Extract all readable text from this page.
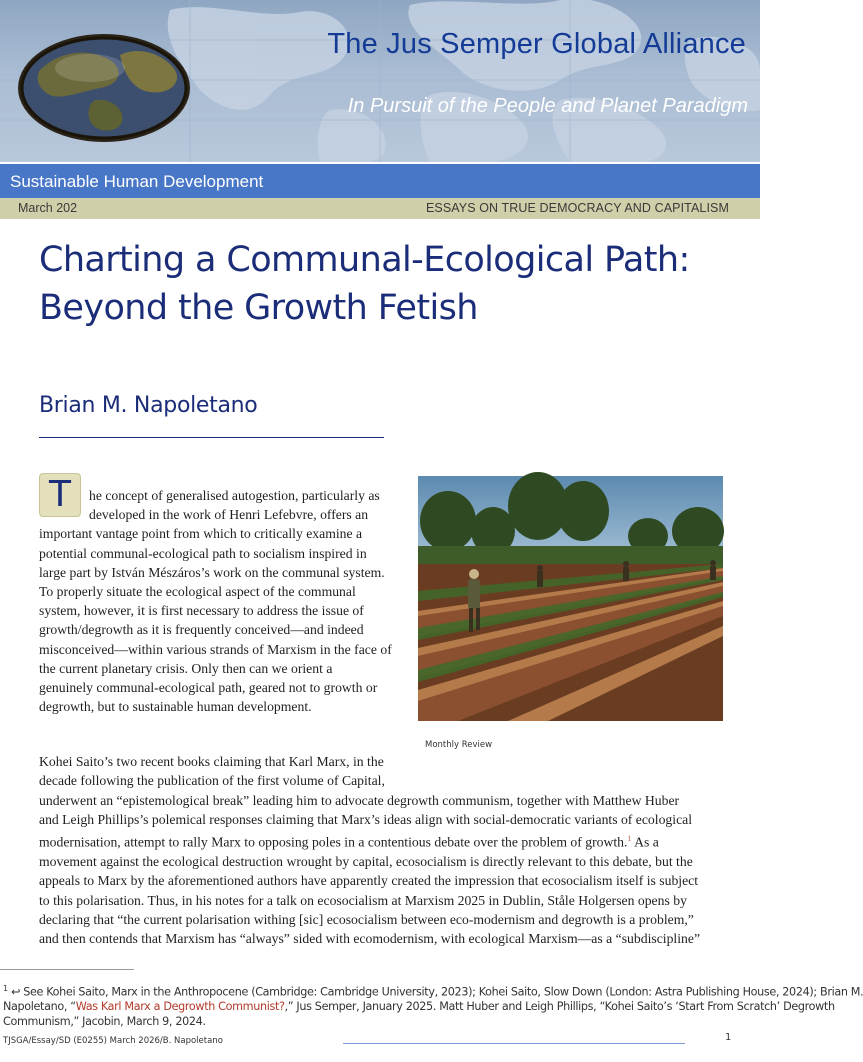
The Jus Semper Global Alliance
In Pursuit of the People and Planet Paradigm
Sustainable Human Development
March 202	ESSAYS ON TRUE DEMOCRACY AND CAPITALISM
Charting a Communal-Ecological Path:
Beyond the Growth Fetish
Brian M. Napoletano
T	he concept of generalised autogestion, particularly as
developed in the work of Henri Lefebvre, offers an
important vantage point from which to critically examine a
potential communal-ecological path to socialism inspired in
large part by István Mészáros’s work on the communal system.
To properly situate the ecological aspect of the communal
system, however, it is first necessary to address the issue of
growth/degrowth as it is frequently conceived—and indeed
misconceived—within various strands of Marxism in the face of
the current planetary crisis. Only then can we orient a
genuinely communal-ecological path, geared not to growth or
degrowth, but to sustainable human development.
Monthly Review
Kohei Saito’s two recent books claiming that Karl Marx, in the
decade following the publication of the first volume of Capital,
underwent an “epistemological break” leading him to advocate degrowth communism, together with Matthew Huber
and Leigh Phillips’s polemical responses claiming that Marx’s ideas align with social-democratic variants of ecological
modernisation, attempt to rally Marx to opposing poles in a contentious debate over the problem of growth.$^1$ As a
movement against the ecological destruction wrought by capital, ecosocialism is directly relevant to this debate, but the
appeals to Marx by the aforementioned authors have apparently created the impression that ecosocialism itself is subject
to this polarisation. Thus, in his notes for a talk on ecosocialism at Marxism 2025 in Dublin, Ståle Holgersen opens by
declaring that “the current polarisation withing [sic] ecosocialism between eco-modernism and degrowth is a problem,”
and then contends that Marxism has “always” sided with ecomodernism, with ecological Marxism—as a “subdiscipline”
$^1$ ↩ See Kohei Saito, Marx in the Anthropocene (Cambridge: Cambridge University, 2023); Kohei Saito, Slow Down (London: Astra Publishing House, 2024); Brian M.
Napoletano, “Was Karl Marx a Degrowth Communist?,” Jus Semper, January 2025. Matt Huber and Leigh Phillips, “Kohei Saito’s ‘Start From Scratch’ Degrowth
Communism,” Jacobin, March 9, 2024.
TJSGA/Essay/SD (E0255) March 2026/B. Napoletano	1
